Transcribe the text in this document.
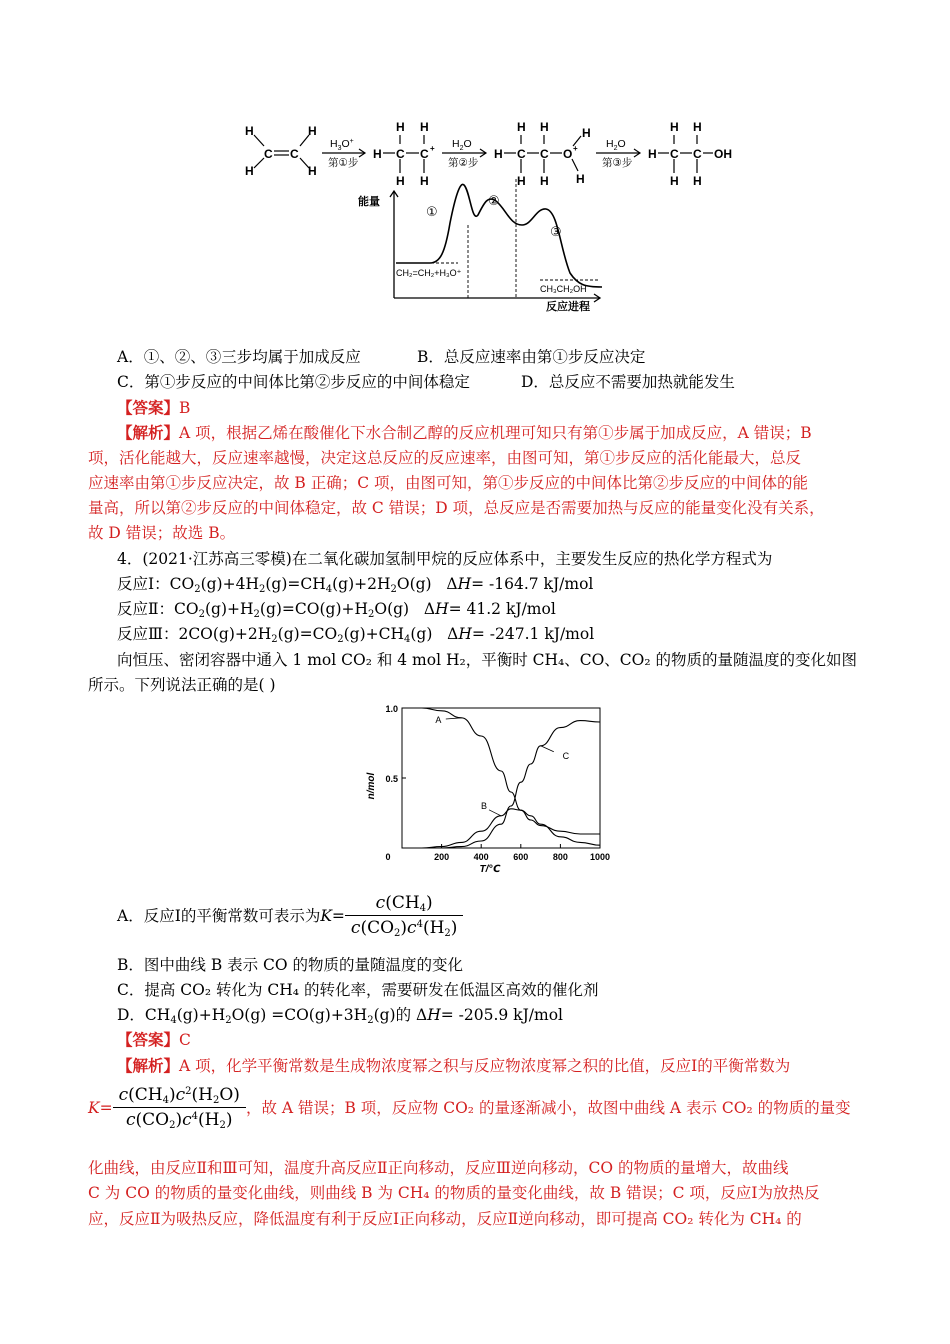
H
H
H
H
C C
$H_3O^+$
第①步
$H_2O$
第②步
$H_2O$
第③步
H C C
H H
H H
+	H C C O
H H
H H
+
H
H
H C C OH
H H
H H
能量
反应进程
CH₂=CH₂+H₃O⁺
CH₃CH₂OH
①
②
③
A．①、②、③三步均属于加成反应	B．总反应速率由第①步反应决定
C．第①步反应的中间体比第②步反应的中间体稳定	D．总反应不需要加热就能发生
【答案】B
【解析】A 项，根据乙烯在酸催化下水合制乙醇的反应机理可知只有第①步属于加成反应，A 错误；B
项，活化能越大，反应速率越慢，决定这总反应的反应速率，由图可知，第①步反应的活化能最大，总反
应速率由第①步反应决定，故 B 正确；C 项，由图可知，第①步反应的中间体比第②步反应的中间体的能
量高，所以第②步反应的中间体稳定，故 C 错误；D 项，总反应是否需要加热与反应的能量变化没有关系，
故 D 错误；故选 B。
4．(2021·江苏高三零模)在二氧化碳加氢制甲烷的反应体系中，主要发生反应的热化学方程式为
反应Ⅰ：$CO_2(g)+4H_2(g)=CH_4(g)+2H_2O(g)$   ΔH= -164.7 kJ/mol
反应Ⅱ：$CO_2(g)+H_2(g)=CO(g)+H_2O(g)$   ΔH= 41.2 kJ/mol
反应Ⅲ：$2CO(g)+2H_2(g)=CO_2(g)+CH_4(g)$   ΔH= -247.1 kJ/mol
向恒压、密闭容器中通入 1 mol CO₂ 和 4 mol H₂，平衡时 CH₄、CO、CO₂ 的物质的量随温度的变化如图
所示。下列说法正确的是( )
0	200	400	600	800 1000
0.5
1.0
A
B
C
n/mol
T/℃
A．反应Ⅰ的平衡常数可表示为$K= \frac{c(CH_4)}{c(CO_2)c^4(H_2)}$
B．图中曲线 B 表示 CO 的物质的量随温度的变化
C．提高 CO₂ 转化为 CH₄ 的转化率，需要研发在低温区高效的催化剂
D．$CH_4(g)+H_2O(g) =CO(g)+3H_2(g)$的 ΔH= -205.9 kJ/mol
【答案】C
【解析】A 项，化学平衡常数是生成物浓度幂之积与反应物浓度幂之积的比值，反应Ⅰ的平衡常数为
$K= \frac{c(CH_4)c^2(H_2O)}{c(CO_2)c^4(H_2)}$ ，故 A 错误；B 项，反应物 CO₂ 的量逐渐减小，故图中曲线 A 表示 CO₂ 的物质的量变
化曲线，由反应Ⅱ和Ⅲ可知，温度升高反应Ⅱ正向移动，反应Ⅲ逆向移动，CO 的物质的量增大，故曲线
C 为 CO 的物质的量变化曲线，则曲线 B 为 CH₄ 的物质的量变化曲线，故 B 错误；C 项，反应Ⅰ为放热反
应，反应Ⅱ为吸热反应，降低温度有利于反应Ⅰ正向移动，反应Ⅱ逆向移动，即可提高 CO₂ 转化为 CH₄ 的
